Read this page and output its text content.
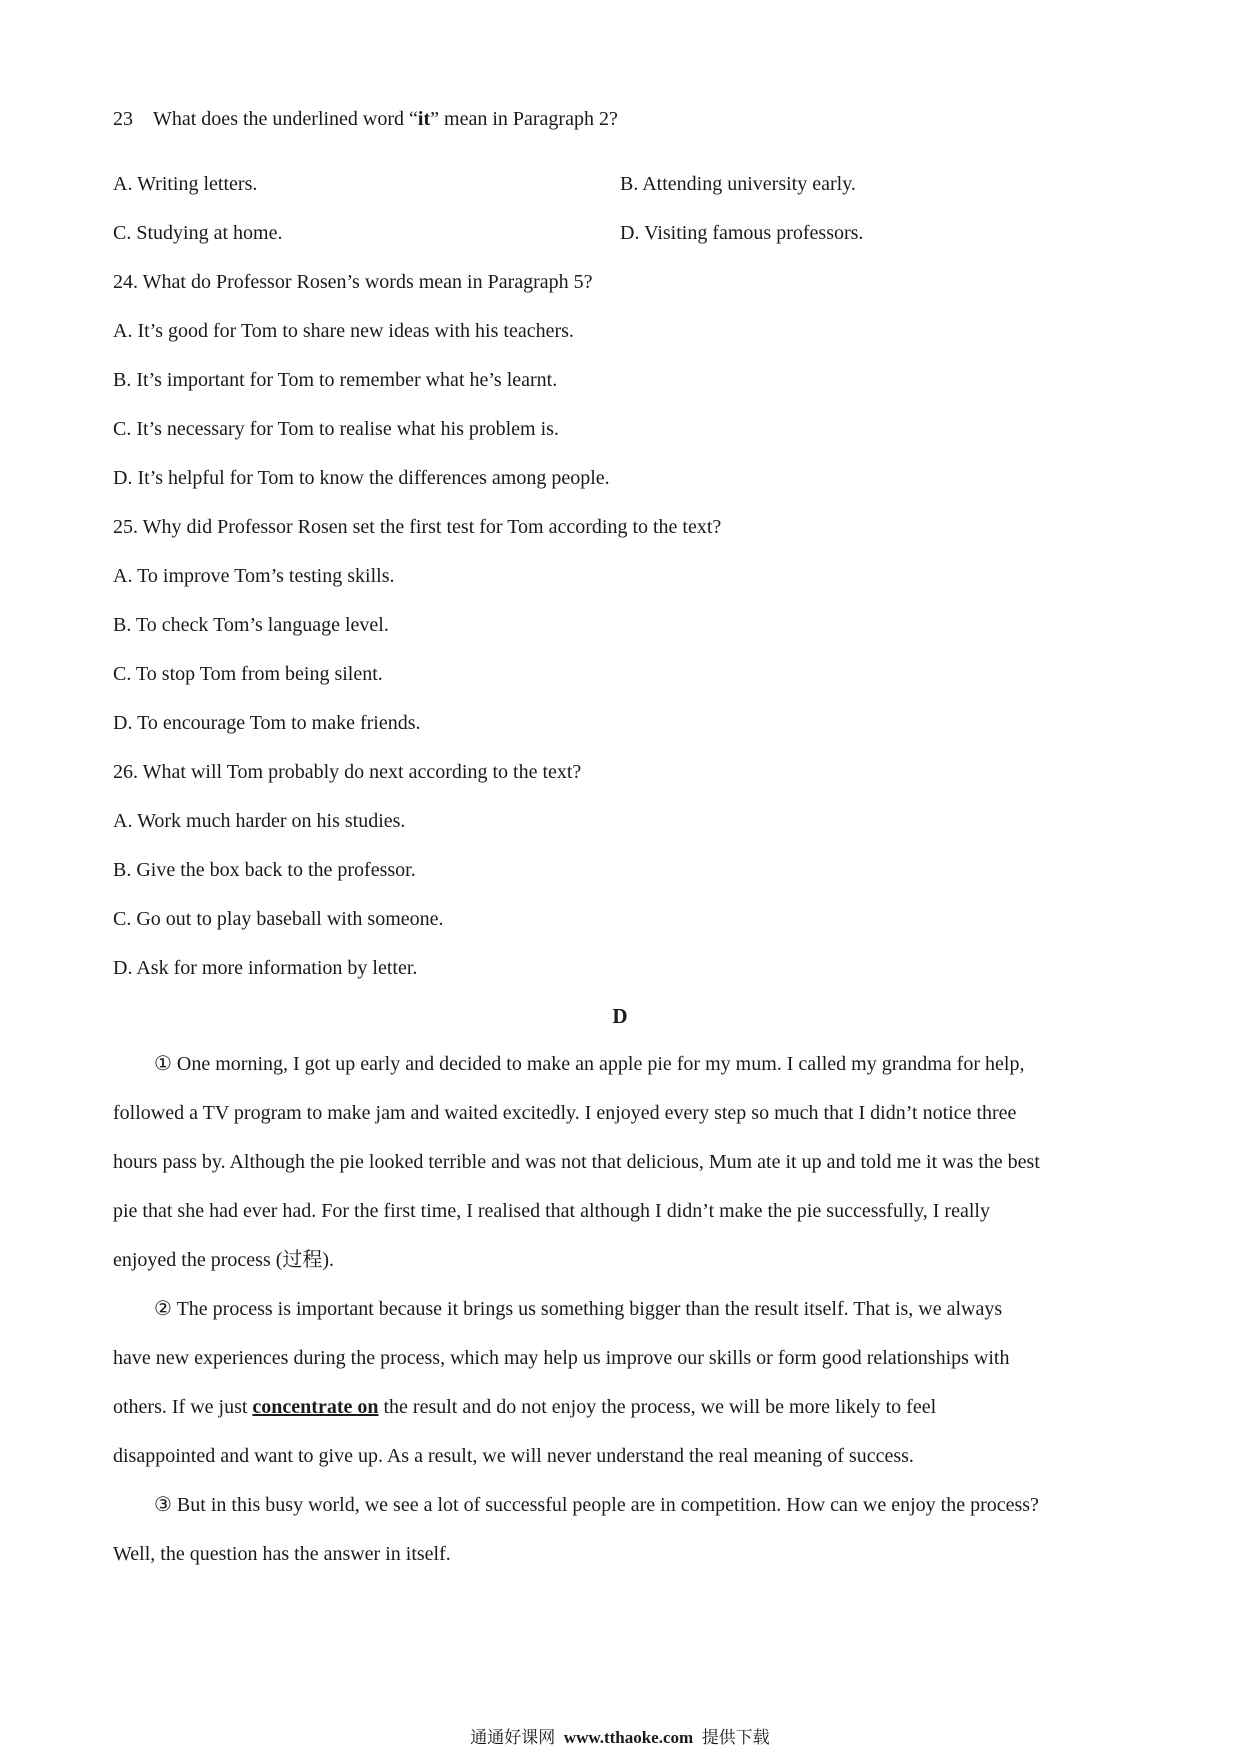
23 What does the underlined word “it” mean in Paragraph 2?
A. Writing letters.	B. Attending university early.
C. Studying at home.	D. Visiting famous professors.
24. What do Professor Rosen’s words mean in Paragraph 5?
A. It’s good for Tom to share new ideas with his teachers.
B. It’s important for Tom to remember what he’s learnt.
C. It’s necessary for Tom to realise what his problem is.
D. It’s helpful for Tom to know the differences among people.
25. Why did Professor Rosen set the first test for Tom according to the text?
A. To improve Tom’s testing skills.
B. To check Tom’s language level.
C. To stop Tom from being silent.
D. To encourage Tom to make friends.
26. What will Tom probably do next according to the text?
A. Work much harder on his studies.
B. Give the box back to the professor.
C. Go out to play baseball with someone.
D. Ask for more information by letter.
D
① One morning, I got up early and decided to make an apple pie for my mum. I called my grandma for help,
followed a TV program to make jam and waited excitedly. I enjoyed every step so much that I didn’t notice three
hours pass by. Although the pie looked terrible and was not that delicious, Mum ate it up and told me it was the best
pie that she had ever had. For the first time, I realised that although I didn’t make the pie successfully, I really
enjoyed the process (过程).
② The process is important because it brings us something bigger than the result itself. That is, we always
have new experiences during the process, which may help us improve our skills or form good relationships with
others. If we just concentrate on the result and do not enjoy the process, we will be more likely to feel
disappointed and want to give up. As a result, we will never understand the real meaning of success.
③ But in this busy world, we see a lot of successful people are in competition. How can we enjoy the process?
Well, the question has the answer in itself.
通通好课网 www.tthaoke.com 提供下载
